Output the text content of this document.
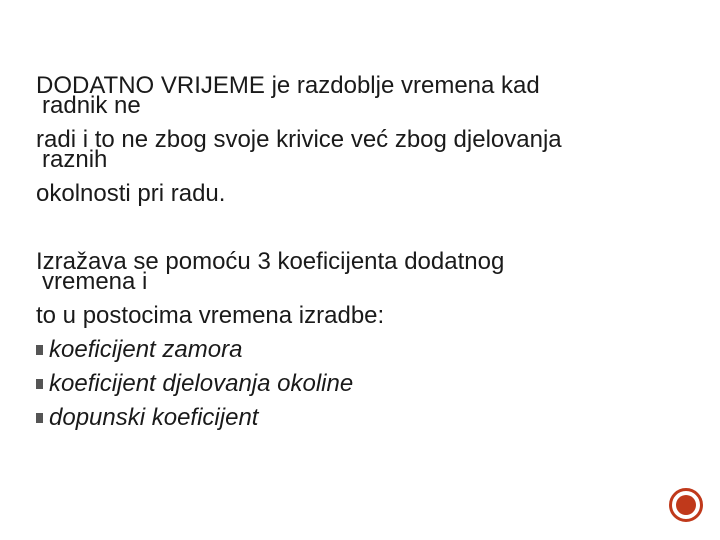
DODATNO VRIJEME je razdoblje vremena kad
radnik ne
radi i to ne zbog svoje krivice već zbog djelovanja
raznih
okolnosti pri radu.
Izražava se pomoću 3 koeficijenta dodatnog
vremena i
to u postocima vremena izradbe:
koeficijent zamora
koeficijent djelovanja okoline
dopunski koeficijent
